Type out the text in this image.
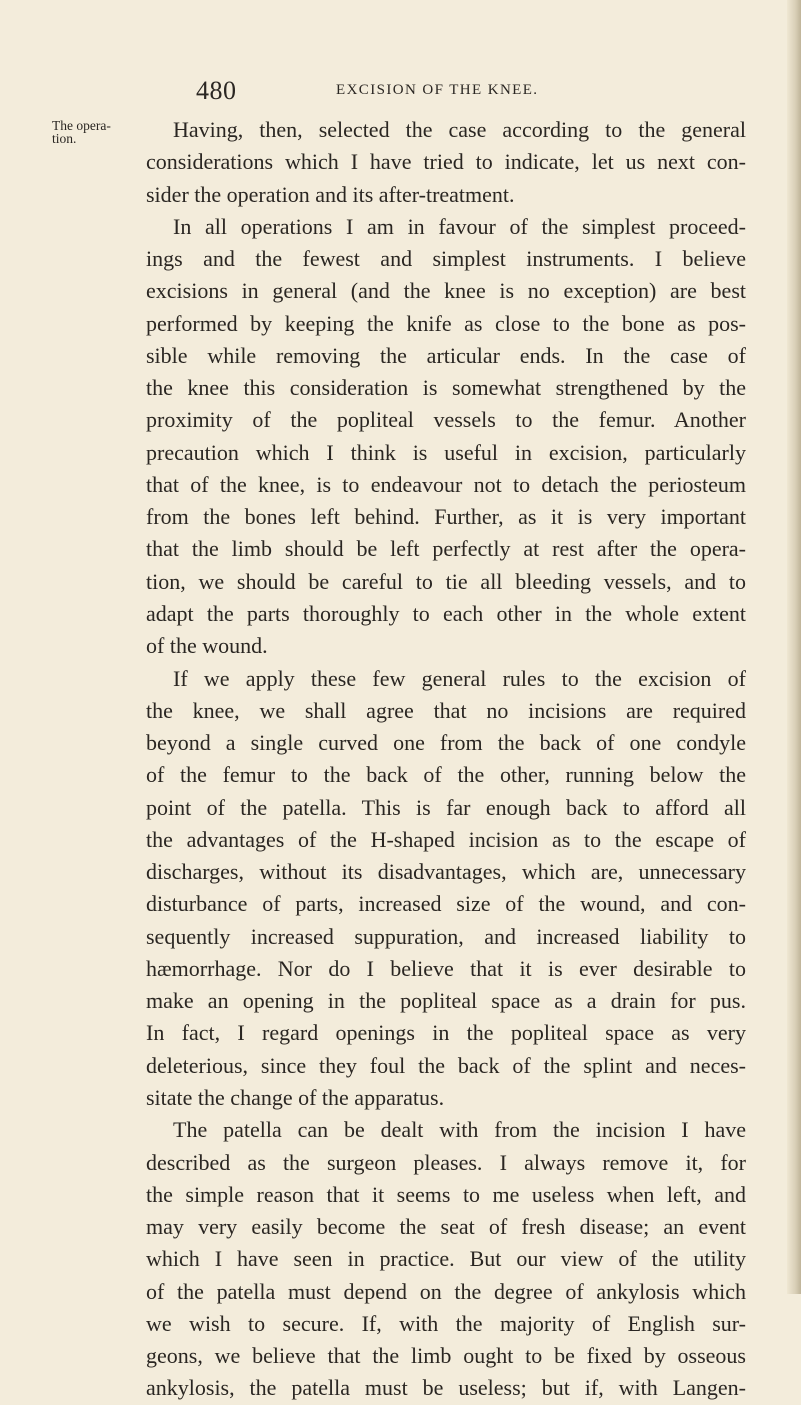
480	EXCISION OF THE KNEE.
The opera-
tion.	Having, then, selected the case according to the general
considerations which I have tried to indicate, let us next con-
sider the operation and its after-treatment.
In all operations I am in favour of the simplest proceed-
ings and the fewest and simplest instruments. I believe
excisions in general (and the knee is no exception) are best
performed by keeping the knife as close to the bone as pos-
sible while removing the articular ends. In the case of
the knee this consideration is somewhat strengthened by the
proximity of the popliteal vessels to the femur. Another
precaution which I think is useful in excision, particularly
that of the knee, is to endeavour not to detach the periosteum
from the bones left behind. Further, as it is very important
that the limb should be left perfectly at rest after the opera-
tion, we should be careful to tie all bleeding vessels, and to
adapt the parts thoroughly to each other in the whole extent
of the wound.
If we apply these few general rules to the excision of
the knee, we shall agree that no incisions are required
beyond a single curved one from the back of one condyle
of the femur to the back of the other, running below the
point of the patella. This is far enough back to afford all
the advantages of the H-shaped incision as to the escape of
discharges, without its disadvantages, which are, unnecessary
disturbance of parts, increased size of the wound, and con-
sequently increased suppuration, and increased liability to
hæmorrhage. Nor do I believe that it is ever desirable to
make an opening in the popliteal space as a drain for pus.
In fact, I regard openings in the popliteal space as very
deleterious, since they foul the back of the splint and neces-
sitate the change of the apparatus.
The patella can be dealt with from the incision I have
described as the surgeon pleases. I always remove it, for
the simple reason that it seems to me useless when left, and
may very easily become the seat of fresh disease; an event
which I have seen in practice. But our view of the utility
of the patella must depend on the degree of ankylosis which
we wish to secure. If, with the majority of English sur-
geons, we believe that the limb ought to be fixed by osseous
ankylosis, the patella must be useless; but if, with Langen-
